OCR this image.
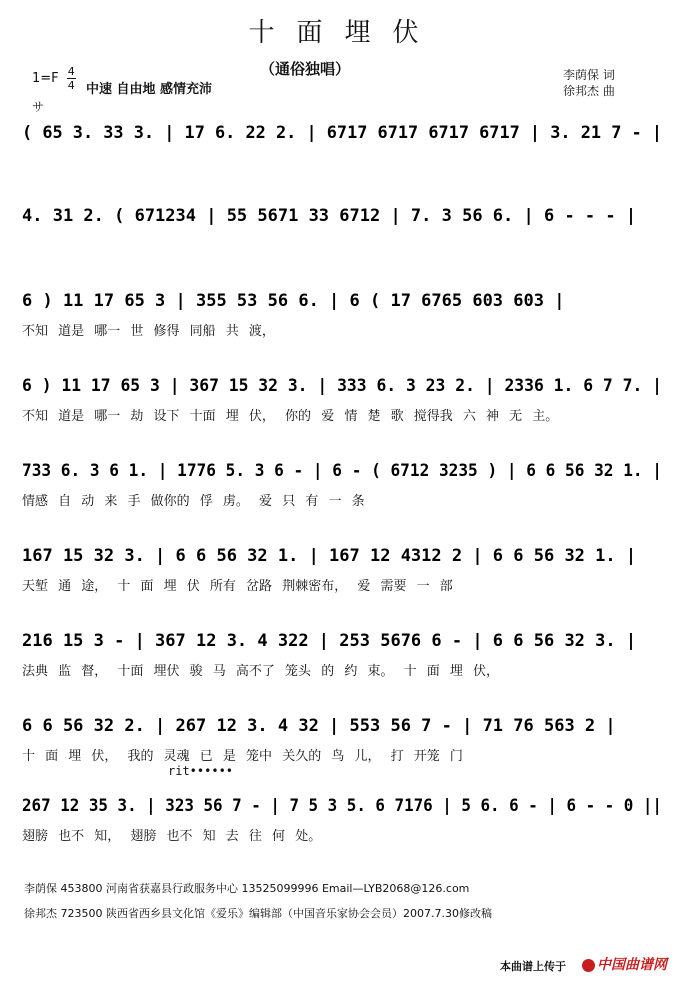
十面埋伏
（通俗独唱）
$1=F \frac{4}{4}$ 中速 自由地 感情充沛
李荫保 词
徐邦杰 曲
サ
rit••••••
( 65 3. 33 3. | 17 6. 22 2. | 6717 6717 6717 6717 | 3. 21 7 - |
4. 31 2. ( 671234 | 55 5671 33 6712 | 7. 3 56 6. | 6 - - - |
6 ) 11 17 65 3 | 355 53 56 6. | 6 ( 17 6765 603 603 |
不知 道是 哪一 世 修得 同船 共 渡，
6 ) 11 17 65 3 | 367 15 32 3. | 333 6. 3 23 2. | 2336 1. 6 7 7. |
不知 道是 哪一 劫 设下 十面 埋 伏， 你的 爱 情 楚 歌 搅得我 六 神 无 主。
733 6. 3 6 1. | 1776 5. 3 6 - | 6 - ( 6712 3235 ) | 6 6 56 32 1. |
情感 自 动 来 手 做你的 俘 虏。 爱 只 有 一 条
167 15 32 3. | 6 6 56 32 1. | 167 12 4312 2 | 6 6 56 32 1. |
天堑 通 途， 十 面 埋 伏 所有 岔路 荆棘密布， 爱 需要 一 部
216 15 3 - | 367 12 3. 4 322 | 253 5676 6 - | 6 6 56 32 3. |
法典 监 督， 十面 埋伏 骏 马 高不了 笼头 的 约 束。 十 面 埋 伏，
6 6 56 32 2. | 267 12 3. 4 32 | 553 56 7 - | 71 76 563 2 |
十 面 埋 伏， 我的 灵魂 已 是 笼中 关久的 鸟 儿， 打 开笼 门
267 12 35 3. | 323 56 7 - | 7 5 3 5. 6 7176 | 5 6. 6 - | 6 - - 0 ||
翅膀 也不 知， 翅膀 也不 知 去 往 何 处。
李荫保 453800 河南省获嘉县行政服务中心 13525099996 Email—LYB2068@126.com
徐邦杰 723500 陕西省西乡县文化馆《爱乐》编辑部（中国音乐家协会会员）2007.7.30修改稿
本曲谱上传于	中国曲谱网
